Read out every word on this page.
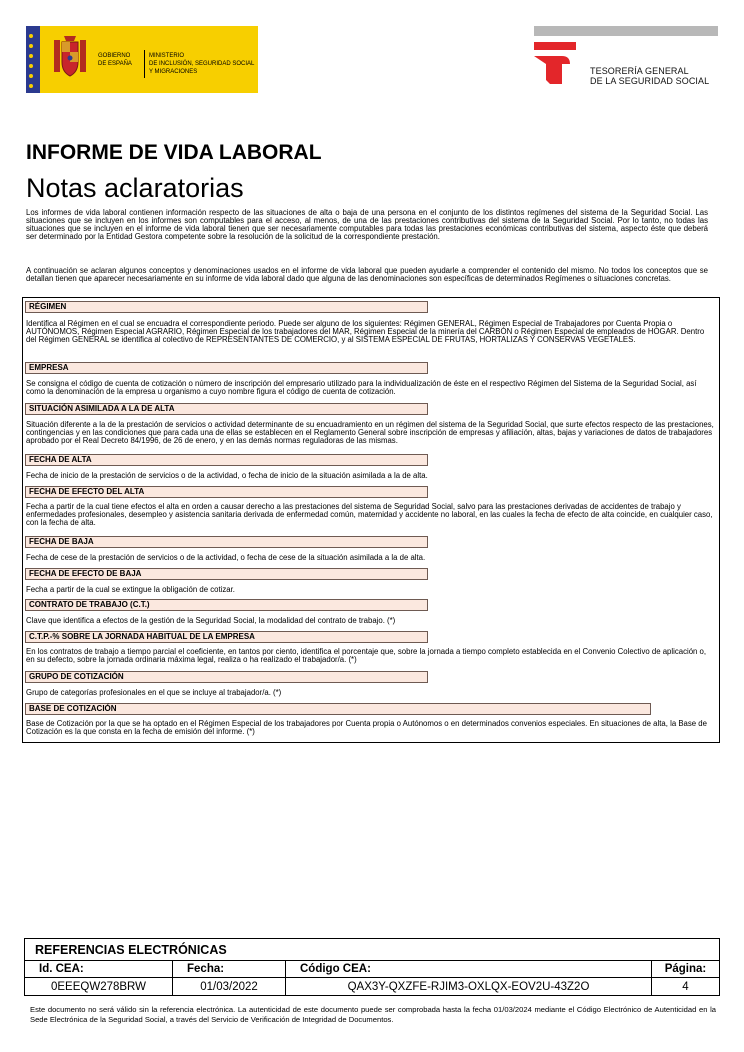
GOBIERNO
DE ESPAÑA
MINISTERIO
DE INCLUSIÓN, SEGURIDAD SOCIAL
Y MIGRACIONES	TESORERÍA GENERAL
DE LA SEGURIDAD SOCIAL
INFORME DE VIDA LABORAL
Notas aclaratorias
Los informes de vida laboral contienen información respecto de las situaciones de alta o baja de una persona en el conjunto de los distintos regímenes del sistema de la Seguridad Social. Las situaciones que se incluyen en los informes son computables para el acceso, al menos, de una de las prestaciones contributivas del sistema de la Seguridad Social. Por lo tanto, no todas las situaciones que se incluyen en el informe de vida laboral tienen que ser necesariamente computables para todas las prestaciones económicas contributivas del sistema, aspecto éste que deberá ser determinado por la Entidad Gestora competente sobre la resolución de la solicitud de la correspondiente prestación.
A continuación se aclaran algunos conceptos y denominaciones usados en el informe de vida laboral que pueden ayudarle a comprender el contenido del mismo. No todos los conceptos que se detallan tienen que aparecer necesariamente en su informe de vida laboral dado que alguna de las denominaciones son específicas de determinados Regímenes o situaciones concretas.
RÉGIMEN
Identifica al Régimen en el cual se encuadra el correspondiente periodo. Puede ser alguno de los siguientes: Régimen GENERAL, Régimen Especial de Trabajadores por Cuenta Propia o AUTÓNOMOS, Régimen Especial AGRARIO, Régimen Especial de los trabajadores del MAR, Régimen Especial de la minería del CARBÓN o Régimen Especial de empleados de HOGAR. Dentro del Régimen GENERAL se identifica al colectivo de REPRESENTANTES DE COMERCIO, y al SISTEMA ESPECIAL DE FRUTAS, HORTALIZAS Y CONSERVAS VEGETALES.
EMPRESA
Se consigna el código de cuenta de cotización o número de inscripción del empresario utilizado para la individualización de éste en el respectivo Régimen del Sistema de la Seguridad Social, así como la denominación de la empresa u organismo a cuyo nombre figura el código de cuenta de cotización.
SITUACIÓN ASIMILADA A LA DE ALTA
Situación diferente a la de la prestación de servicios o actividad determinante de su encuadramiento en un régimen del sistema de la Seguridad Social, que surte efectos respecto de las prestaciones, contingencias y en las condiciones que para cada una de ellas se establecen en el Reglamento General sobre inscripción de empresas y afiliación, altas, bajas y variaciones de datos de trabajadores aprobado por el Real Decreto 84/1996, de 26 de enero, y en las demás normas reguladoras de las mismas.
FECHA DE ALTA
Fecha de inicio de la prestación de servicios o de la actividad, o fecha de inicio de la situación asimilada a la de alta.
FECHA DE EFECTO DEL ALTA
Fecha a partir de la cual tiene efectos el alta en orden a causar derecho a las prestaciones del sistema de Seguridad Social, salvo para las prestaciones derivadas de accidentes de trabajo y enfermedades profesionales, desempleo y asistencia sanitaria derivada de enfermedad común, maternidad y accidente no laboral, en las cuales la fecha de efecto de alta coincide, en cualquier caso, con la fecha de alta.
FECHA DE BAJA
Fecha de cese de la prestación de servicios o de la actividad, o fecha de cese de la situación asimilada a la de alta.
FECHA DE EFECTO DE BAJA
Fecha a partir de la cual se extingue la obligación de cotizar.
CONTRATO DE TRABAJO (C.T.)
Clave que identifica a efectos de la gestión de la Seguridad Social, la modalidad del contrato de trabajo. (*)
C.T.P.-% SOBRE LA JORNADA HABITUAL DE LA EMPRESA
En los contratos de trabajo a tiempo parcial el coeficiente, en tantos por ciento, identifica el porcentaje que, sobre la jornada a tiempo completo establecida en el Convenio Colectivo de aplicación o, en su defecto, sobre la jornada ordinaria máxima legal, realiza o ha realizado el trabajador/a. (*)
GRUPO DE COTIZACIÓN
Grupo de categorías profesionales en el que se incluye al trabajador/a. (*)
BASE DE COTIZACIÓN
Base de Cotización por la que se ha optado en el Régimen Especial de los trabajadores por Cuenta propia o Autónomos o en determinados convenios especiales. En situaciones de alta, la Base de Cotización es la que consta en la fecha de emisión del informe. (*)
REFERENCIAS ELECTRÓNICAS			
Id. CEA:	Fecha:	Código CEA:	Página:
0EEEQW278BRW	01/03/2022	QAX3Y-QXZFE-RJIM3-OXLQX-EOV2U-43Z2O	4
Este documento no será válido sin la referencia electrónica. La autenticidad de este documento puede ser comprobada hasta la fecha 01/03/2024 mediante el Código Electrónico de Autenticidad en la Sede Electrónica de la Seguridad Social, a través del Servicio de Verificación de Integridad de Documentos.
